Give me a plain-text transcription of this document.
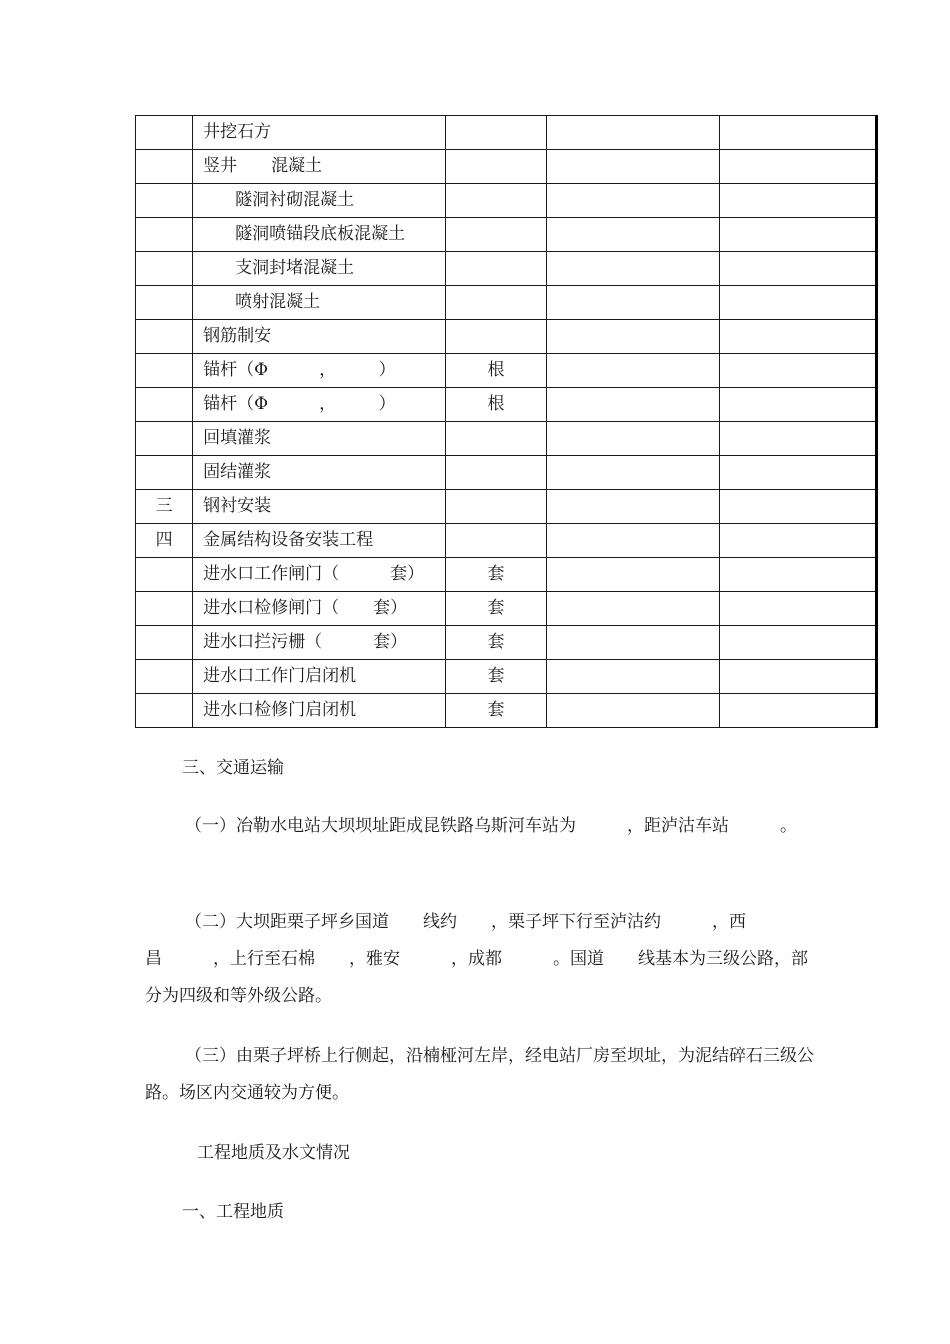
	井挖石方			
	竖井　　混凝土			
	隧洞衬砌混凝土			
	隧洞喷锚段底板混凝土			
	支洞封堵混凝土			
	喷射混凝土			
	钢筋制安			
	锚杆（Φ　　　，　　　）	根		
	锚杆（Φ　　　，　　　）	根		
	回填灌浆			
	固结灌浆			
三	钢衬安装			
四	金属结构设备安装工程			
	进水口工作闸门（　　　套）	套		
	进水口检修闸门（　　套）	套		
	进水口拦污栅（　　　套）	套		
	进水口工作门启闭机	套		
	进水口检修门启闭机	套		

三、交通运输

（一）冶勒水电站大坝坝址距成昆铁路乌斯河车站为　　　，距泸沽车站　　　。

（二）大坝距栗子坪乡国道　　线约　　，栗子坪下行至泸沽约　　　，西昌　　　，上行至石棉　　，雅安　　　，成都　　　。国道　　线基本为三级公路，部分为四级和等外级公路。

（三）由栗子坪桥上行侧起，沿楠桠河左岸，经电站厂房至坝址，为泥结碎石三级公路。场区内交通较为方便。

工程地质及水文情况

一、工程地质
